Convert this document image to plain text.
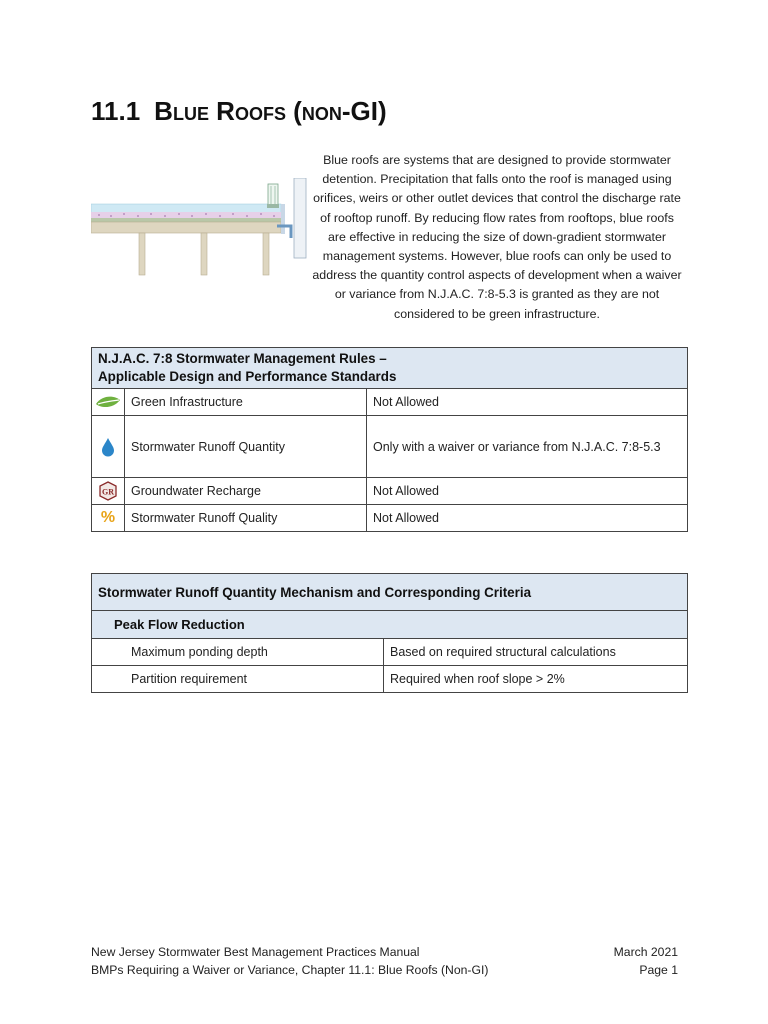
11.1 Blue Roofs (non-GI)

Blue roofs are systems that are designed to provide stormwater detention. Precipitation that falls onto the roof is managed using orifices, weirs or other outlet devices that control the discharge rate of rooftop runoff. By reducing flow rates from rooftops, blue roofs are effective in reducing the size of down-gradient stormwater management systems. However, blue roofs can only be used to address the quantity control aspects of development when a waiver or variance from N.J.A.C. 7:8-5.3 is granted as they are not considered to be green infrastructure.

N.J.A.C. 7:8 Stormwater Management Rules –
Applicable Design and Performance Standards		

	Green Infrastructure	Not Allowed
	Stormwater Runoff Quantity	Only with a waiver or variance from N.J.A.C. 7:8-5.3

GR	Groundwater Recharge	Not Allowed
%	Stormwater Runoff Quality	Not Allowed
Stormwater Runoff Quantity Mechanism and Corresponding Criteria	
Peak Flow Reduction	
Maximum ponding depth	Based on required structural calculations
Partition requirement	Required when roof slope > 2%
New Jersey Stormwater Best Management Practices Manual	March 2021
BMPs Requiring a Waiver or Variance, Chapter 11.1: Blue Roofs (Non-GI)	Page 1
